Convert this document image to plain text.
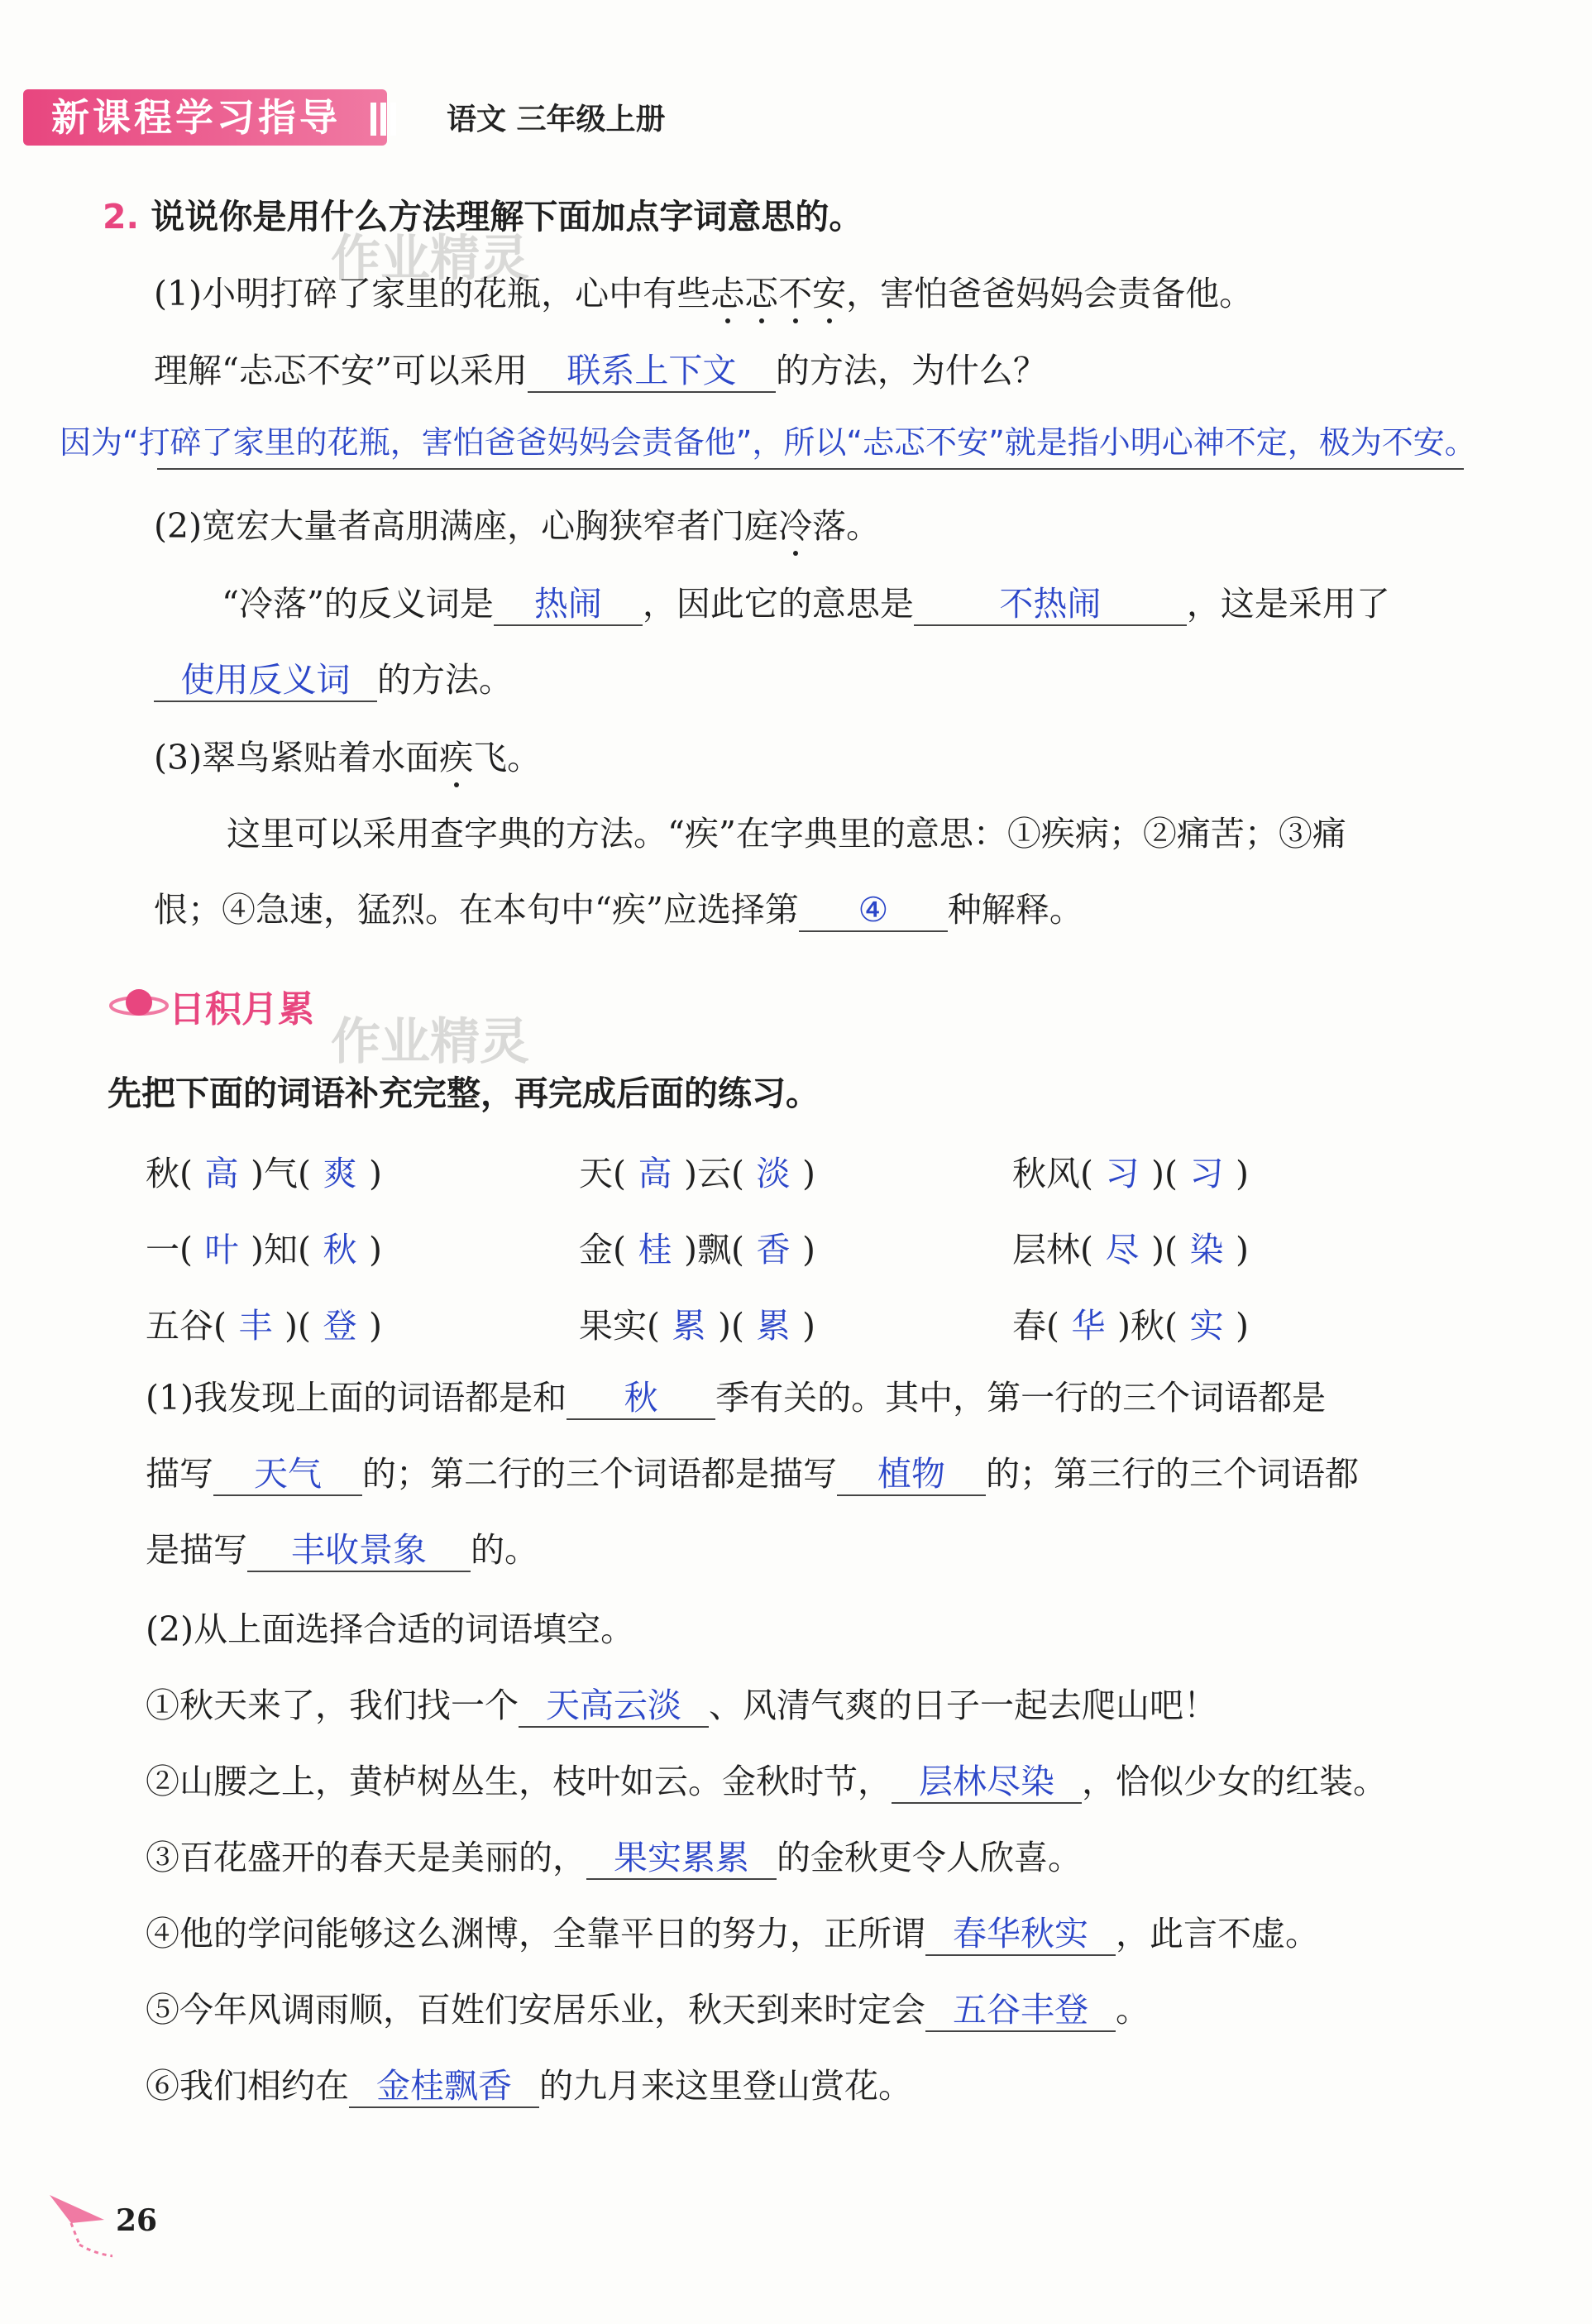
新课程学习指导	语文 三年级上册
作业精灵
作业精灵
2. 说说你是用什么方法理解下面加点字词意思的。
(1)小明打碎了家里的花瓶，心中有些忐忑不安，害怕爸爸妈妈会责备他。
理解“忐忑不安”可以采用 联系上下文 的方法，为什么？
因为“打碎了家里的花瓶，害怕爸爸妈妈会责备他”，所以“忐忑不安”就是指小明心神不定，极为不安。
(2)宽宏大量者高朋满座，心胸狭窄者门庭冷落。
“冷落”的反义词是 热闹 ，因此它的意思是	不热闹	，这是采用了
使用反义词 的方法。
(3)翠鸟紧贴着水面疾飞。
这里可以采用查字典的方法。“疾”在字典里的意思：①疾病；②痛苦；③痛
恨；④急速，猛烈。在本句中“疾”应选择第 ④ 种解释。
日积月累
先把下面的词语补充完整，再完成后面的练习。
秋( 高 )气( 爽 )	天( 高 )云( 淡 )	秋风( 习 )( 习 )
一( 叶 )知( 秋 )	金( 桂 )飘( 香 )	层林( 尽 )( 染 )
五谷( 丰 )( 登 )	果实( 累 )( 累 )	春( 华 )秋( 实 )
(1)我发现上面的词语都是和 秋 季有关的。其中，第一行的三个词语都是
描写 天气 的；第二行的三个词语都是描写 植物 的；第三行的三个词语都
是描写 丰收景象 的。
(2)从上面选择合适的词语填空。
①秋天来了，我们找一个 天高云淡 、风清气爽的日子一起去爬山吧！
②山腰之上，黄栌树丛生，枝叶如云。金秋时节， 层林尽染 ，恰似少女的红装。
③百花盛开的春天是美丽的， 果实累累 的金秋更令人欣喜。
④他的学问能够这么渊博，全靠平日的努力，正所谓 春华秋实 ，此言不虚。
⑤今年风调雨顺，百姓们安居乐业，秋天到来时定会 五谷丰登 。
⑥我们相约在 金桂飘香 的九月来这里登山赏花。
26
